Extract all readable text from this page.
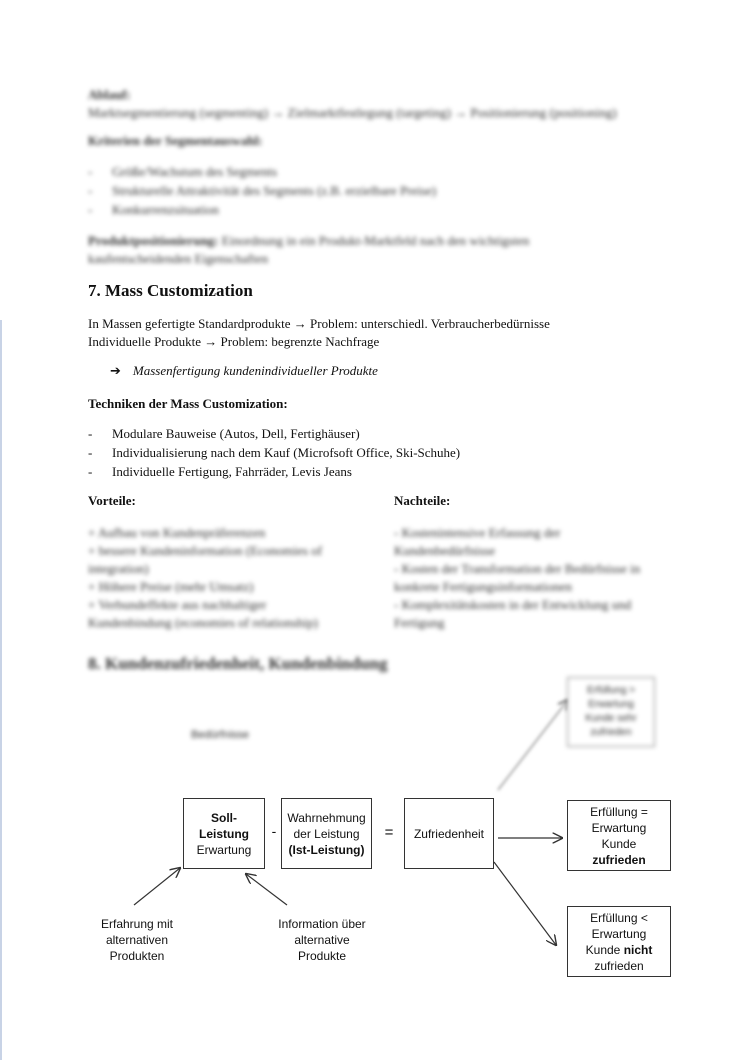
Ablauf:
Marktsegmentierung (segmenting) → Zielmarktfestlegung (targeting) → Positionierung (positioning)
Kriterien der Segmentauswahl:
- Größe/Wachstum des Segments
- Strukturelle Attraktivität des Segments (z.B. erzielbare Preise)
- Konkurrenzsituation
Produktpositionierung: Einordnung in ein Produkt-Marktfeld nach den wichtigsten
kaufentscheidenden Eigenschaften
7. Mass Customization
In Massen gefertigte Standardprodukte → Problem: unterschiedl. Verbraucherbedürnisse
Individuelle Produkte → Problem: begrenzte Nachfrage
➔ Massenfertigung kundenindividueller Produkte
Techniken der Mass Customization:
- Modulare Bauweise (Autos, Dell, Fertighäuser)
- Individualisierung nach dem Kauf (Microfsoft Office, Ski-Schuhe)
- Individuelle Fertigung, Fahrräder, Levis Jeans
Vorteile:	Nachteile:
+ Aufbau von Kundenpräferenzen
+ bessere Kundeninformation (Economies of
integration)
+ Höhere Preise (mehr Umsatz)
+ Verbundeffekte aus nachhaltiger
Kundenbindung (economies of relationship)
- Kostenintensive Erfassung der
Kundenbedürfnisse
- Kosten der Transformation der Bedürfnisse in
konkrete Fertigungsinformationen
- Komplexitätskosten in der Entwicklung und
Fertigung
8. Kundenzufriedenheit, Kundenbindung
Bedürfnisse
Soll-
Leistung
Erwartung
-
Wahrnehmung
der Leistung
(Ist-Leistung)
=	Zufriedenheit
Erfüllung >
Erwartung
Kunde sehr
zufrieden
Erfüllung =
Erwartung
Kunde
zufrieden
Erfüllung <
Erwartung
Kunde nicht
zufrieden
Erfahrung mit
alternativen
Produkten
Information über
alternative
Produkte
